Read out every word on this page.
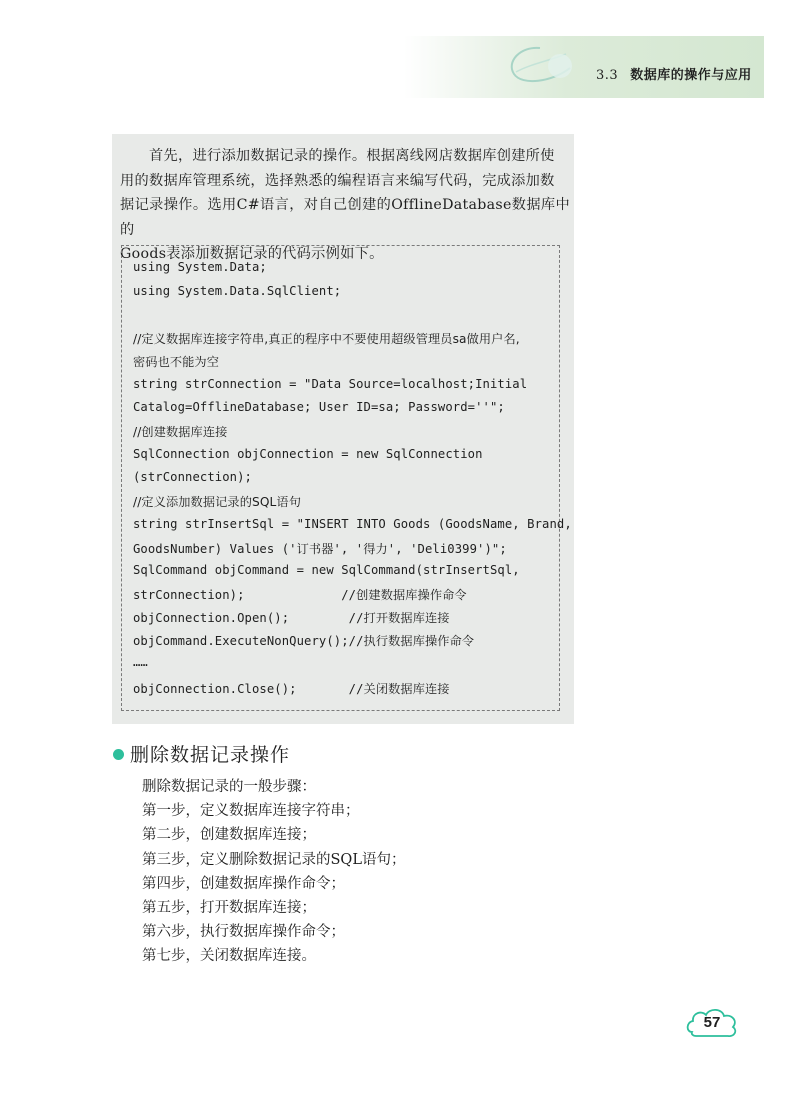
3.3 数据库的操作与应用
首先，进行添加数据记录的操作。根据离线网店数据库创建所使
用的数据库管理系统，选择熟悉的编程语言来编写代码，完成添加数
据记录操作。选用C#语言，对自己创建的OfflineDatabase数据库中的
Goods表添加数据记录的代码示例如下。
using System.Data;
using System.Data.SqlClient;
//定义数据库连接字符串,真正的程序中不要使用超级管理员sa做用户名,
密码也不能为空
string strConnection = "Data Source=localhost;Initial
Catalog=OfflineDatabase; User ID=sa; Password=''";
//创建数据库连接
SqlConnection objConnection = new SqlConnection
(strConnection);
//定义添加数据记录的SQL语句
string strInsertSql = "INSERT INTO Goods (GoodsName, Brand,
GoodsNumber) Values ('订书器', '得力', 'Deli0399')";
SqlCommand objCommand = new SqlCommand(strInsertSql,
strConnection);             //创建数据库操作命令
objConnection.Open();        //打开数据库连接
objCommand.ExecuteNonQuery();//执行数据库操作命令
……
objConnection.Close();       //关闭数据库连接
删除数据记录操作
删除数据记录的一般步骤：
第一步，定义数据库连接字符串；
第二步，创建数据库连接；
第三步，定义删除数据记录的SQL语句；
第四步，创建数据库操作命令；
第五步，打开数据库连接；
第六步，执行数据库操作命令；
第七步，关闭数据库连接。
57
